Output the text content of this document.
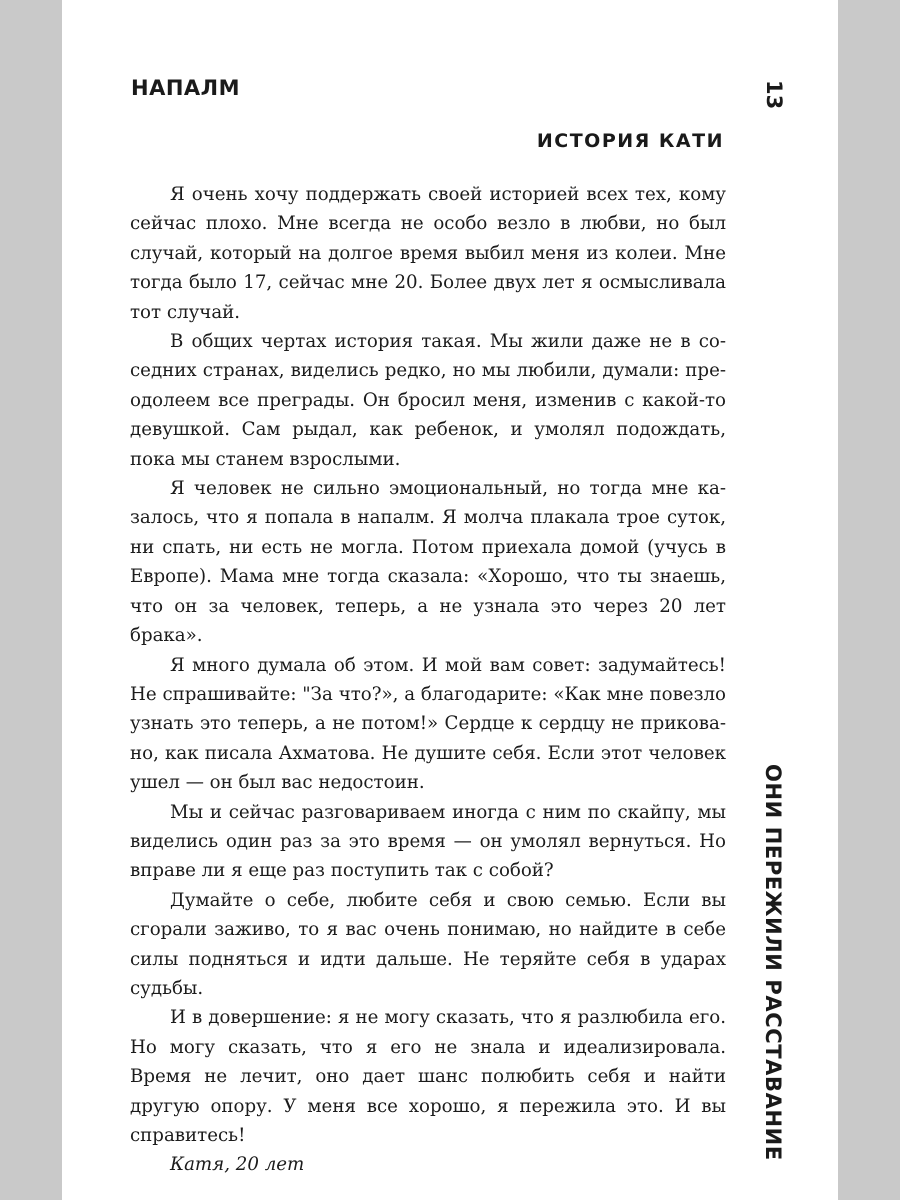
НАПАЛМ	13
ОНИ ПЕРЕЖИЛИ РАССТАВАНИЕ
ИСТОРИЯ КАТИ

Я очень хочу поддержать своей историей всех тех, кому сейчас плохо. Мне всегда не особо везло в любви, но был случай, который на долгое время выбил меня из колеи. Мне тогда было 17, сейчас мне 20. Более двух лет я осмысливала тот случай.

В общих чертах история такая. Мы жили даже не в соседних странах, виделись редко, но мы любили, думали: преодолеем все преграды. Он бросил меня, изменив с какой-то девушкой. Сам рыдал, как ребенок, и умолял подождать, пока мы станем взрослыми.

Я человек не сильно эмоциональный, но тогда мне казалось, что я попала в напалм. Я молча плакала трое суток, ни спать, ни есть не могла. Потом приехала домой (учусь в Европе). Мама мне тогда сказала: «Хорошо, что ты знаешь, что он за человек, теперь, а не узнала это через 20 лет брака».

Я много думала об этом. И мой вам совет: задумайтесь! Не спрашивайте: "За что?», а благодарите: «Как мне повезло узнать это теперь, а не потом!» Сердце к сердцу не приковано, как писала Ахматова. Не душите себя. Если этот человек ушел — он был вас недостоин.

Мы и сейчас разговариваем иногда с ним по скайпу, мы виделись один раз за это время — он умолял вернуться. Но вправе ли я еще раз поступить так с собой?

Думайте о себе, любите себя и свою семью. Если вы сгорали заживо, то я вас очень понимаю, но найдите в себе силы подняться и идти дальше. Не теряйте себя в ударах судьбы.

И в довершение: я не могу сказать, что я разлюбила его. Но могу сказать, что я его не знала и идеализировала. Время не лечит, оно дает шанс полюбить себя и найти другую опору. У меня все хорошо, я пережила это. И вы справитесь!

Катя, 20 лет
